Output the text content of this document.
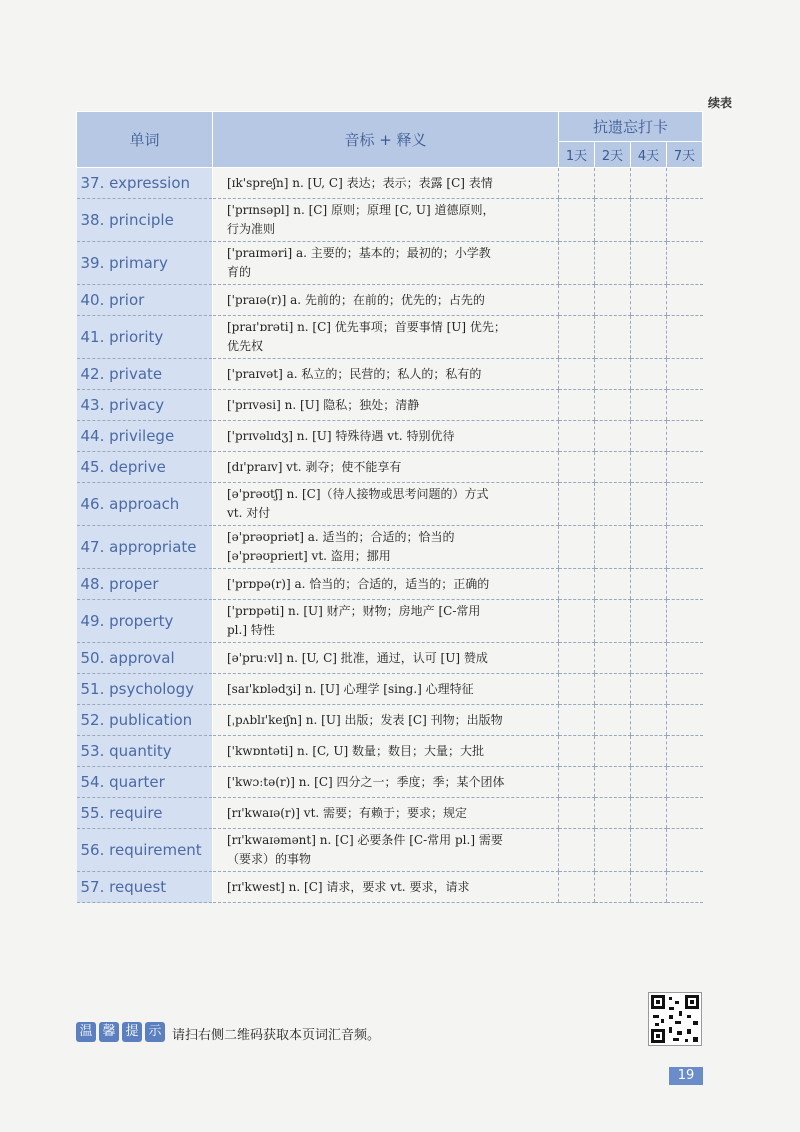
续表
单词	音标 + 释义	抗遗忘打卡			
		1天	2天	4天	7天
37. expression	[ɪk'spreʃn] n. [U, C] 表达；表示；表露 [C] 表情				

38. principle	['prɪnsəpl] n. [C] 原则；原理 [C, U] 道德原则，
行为准则				

39. primary	['praɪməri] a. 主要的；基本的；最初的；小学教
育的				

40. prior	['praɪə(r)] a. 先前的；在前的；优先的；占先的				

41. priority	[praɪ'ɒrəti] n. [C] 优先事项；首要事情 [U] 优先；
优先权				

42. private	['praɪvət] a. 私立的；民营的；私人的；私有的				

43. privacy	['prɪvəsi] n. [U] 隐私；独处；清静				

44. privilege	['prɪvəlɪdʒ] n. [U] 特殊待遇 vt. 特别优待				

45. deprive	[dɪ'praɪv] vt. 剥夺；使不能享有				

46. approach	[ə'prəʊtʃ] n. [C]（待人接物或思考问题的）方式
vt. 对付				

47. appropriate	[ə'prəʊpriət] a. 适当的；合适的；恰当的
[ə'prəʊprieɪt] vt. 盗用；挪用				

48. proper	['prɒpə(r)] a. 恰当的；合适的，适当的；正确的				

49. property	['prɒpəti] n. [U] 财产；财物；房地产 [C-常用
pl.] 特性				

50. approval	[ə'pruːvl] n. [U, C] 批准，通过，认可 [U] 赞成				

51. psychology	[saɪ'kɒlədʒi] n. [U] 心理学 [sing.] 心理特征				

52. publication	[ˌpʌblɪ'keɪʃn] n. [U] 出版；发表 [C] 刊物；出版物				

53. quantity	['kwɒntəti] n. [C, U] 数量；数目；大量；大批				

54. quarter	['kwɔːtə(r)] n. [C] 四分之一；季度；季；某个团体				

55. require	[rɪ'kwaɪə(r)] vt. 需要；有赖于；要求；规定				

56. requirement	[rɪ'kwaɪəmənt] n. [C] 必要条件 [C-常用 pl.] 需要
（要求）的事物				

57. request	[rɪ'kwest] n. [C] 请求，要求 vt. 要求，请求				

温 馨 提 示 请扫右侧二维码获取本页词汇音频。
19
